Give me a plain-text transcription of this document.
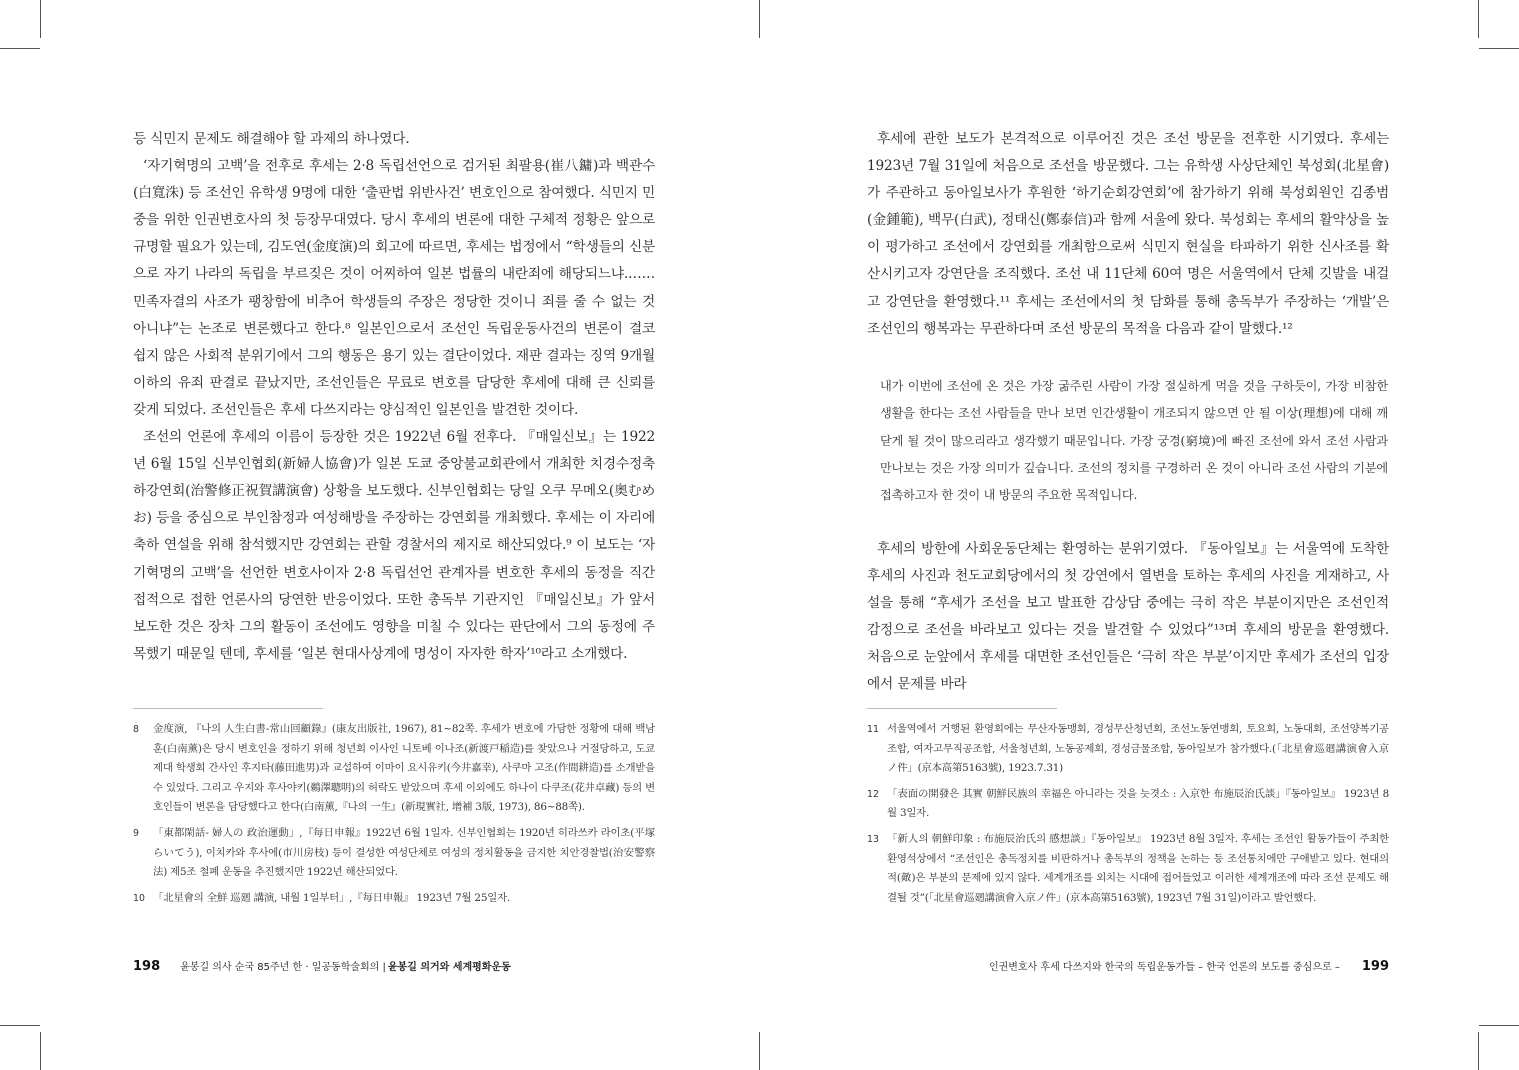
등 식민지 문제도 해결해야 할 과제의 하나였다.

‘자기혁명의 고백’을 전후로 후세는 2·8 독립선언으로 검거된 최팔용(崔八鏞)과 백관수(白寬洙) 등 조선인 유학생 9명에 대한 ‘출판법 위반사건’ 변호인으로 참여했다. 식민지 민중을 위한 인권변호사의 첫 등장무대였다. 당시 후세의 변론에 대한 구체적 정황은 앞으로 규명할 필요가 있는데, 김도연(金度演)의 회고에 따르면, 후세는 법정에서 “학생들의 신분으로 자기 나라의 독립을 부르짖은 것이 어찌하여 일본 법률의 내란죄에 해당되느냐.……민족자결의 사조가 팽창함에 비추어 학생들의 주장은 정당한 것이니 죄를 줄 수 없는 것 아니냐”는 논조로 변론했다고 한다.⁸ 일본인으로서 조선인 독립운동사건의 변론이 결코 쉽지 않은 사회적 분위기에서 그의 행동은 용기 있는 결단이었다. 재판 결과는 징역 9개월 이하의 유죄 판결로 끝났지만, 조선인들은 무료로 변호를 담당한 후세에 대해 큰 신뢰를 갖게 되었다. 조선인들은 후세 다쓰지라는 양심적인 일본인을 발견한 것이다.

조선의 언론에 후세의 이름이 등장한 것은 1922년 6월 전후다. 『매일신보』는 1922년 6월 15일 신부인협회(新婦人協會)가 일본 도쿄 중앙불교회관에서 개최한 치경수정축하강연회(治警修正祝賀講演會) 상황을 보도했다. 신부인협회는 당일 오쿠 무메오(奥むめお) 등을 중심으로 부인참정과 여성해방을 주장하는 강연회를 개최했다. 후세는 이 자리에 축하 연설을 위해 참석했지만 강연회는 관할 경찰서의 제지로 해산되었다.⁹ 이 보도는 ‘자기혁명의 고백’을 선언한 변호사이자 2·8 독립선언 관계자를 변호한 후세의 동정을 직간접적으로 접한 언론사의 당연한 반응이었다. 또한 총독부 기관지인 『매일신보』가 앞서 보도한 것은 장차 그의 활동이 조선에도 영향을 미칠 수 있다는 판단에서 그의 동정에 주목했기 때문일 텐데, 후세를 ‘일본 현대사상계에 명성이 자자한 학자’¹⁰라고 소개했다.

8	金度演, 『나의 人生白書-常山回顧錄』(康友出版社, 1967), 81~82쪽. 후세가 변호에 가담한 정황에 대해 백남훈(白南薰)은 당시 변호인을 정하기 위해 청년회 이사인 니토베 이나조(新渡戸稲造)를 찾았으나 거절당하고, 도쿄제대 학생회 간사인 후지타(藤田進男)과 교섭하여 이마이 요시유키(今井嘉幸), 사쿠마 고조(作間耕造)를 소개받을 수 있었다. 그리고 우지와 후사야키(鵜澤聰明)의 허락도 받았으며 후세 이외에도 하나이 다쿠조(花井卓藏) 등의 변호인들이 변론을 담당했다고 한다(白南薰,『나의 一生』(新現實社, 增補 3版, 1973), 86~88쪽).
9	「東都閑話- 婦人の 政治運動」,『每日申報』1922년 6월 1일자. 신부인협회는 1920년 히라쓰카 라이초(平塚らいてう), 이치카와 후사에(市川房枝) 등이 결성한 여성단체로 여성의 정치활동을 금지한 치안경찰법(治安警察法) 제5조 철폐 운동을 추진했지만 1922년 해산되었다.
10 「北星會의 全鮮 巡廻 講演, 내월 1일부터」,『每日申報』 1923년 7월 25일자.
198 윤봉길 의사 순국 85주년 한 · 일공동학술회의 | 윤봉길 의거와 세계평화운동

후세에 관한 보도가 본격적으로 이루어진 것은 조선 방문을 전후한 시기였다. 후세는 1923년 7월 31일에 처음으로 조선을 방문했다. 그는 유학생 사상단체인 북성회(北星會)가 주관하고 동아일보사가 후원한 ‘하기순회강연회’에 참가하기 위해 북성회원인 김종범(金鍾範), 백무(白武), 정태신(鄭泰信)과 함께 서울에 왔다. 북성회는 후세의 활약상을 높이 평가하고 조선에서 강연회를 개최함으로써 식민지 현실을 타파하기 위한 신사조를 확산시키고자 강연단을 조직했다. 조선 내 11단체 60여 명은 서울역에서 단체 깃발을 내걸고 강연단을 환영했다.¹¹ 후세는 조선에서의 첫 담화를 통해 총독부가 주장하는 ‘개발’은 조선인의 행복과는 무관하다며 조선 방문의 목적을 다음과 같이 말했다.¹²

내가 이번에 조선에 온 것은 가장 굶주린 사람이 가장 절실하게 먹을 것을 구하듯이, 가장 비참한 생활을 한다는 조선 사람들을 만나 보면 인간생활이 개조되지 않으면 안 될 이상(理想)에 대해 깨닫게 될 것이 많으리라고 생각했기 때문입니다. 가장 궁경(窮境)에 빠진 조선에 와서 조선 사람과 만나보는 것은 가장 의미가 깊습니다. 조선의 정치를 구경하러 온 것이 아니라 조선 사람의 기분에 접촉하고자 한 것이 내 방문의 주요한 목적입니다.

후세의 방한에 사회운동단체는 환영하는 분위기였다. 『동아일보』는 서울역에 도착한 후세의 사진과 천도교회당에서의 첫 강연에서 열변을 토하는 후세의 사진을 게재하고, 사설을 통해 “후세가 조선을 보고 발표한 감상담 중에는 극히 작은 부분이지만은 조선인적 감정으로 조선을 바라보고 있다는 것을 발견할 수 있었다”¹³며 후세의 방문을 환영했다. 처음으로 눈앞에서 후세를 대면한 조선인들은 ‘극히 작은 부분’이지만 후세가 조선의 입장에서 문제를 바라

11 서울역에서 거행된 환영회에는 무산자동맹회, 경성무산청년회, 조선노동연맹회, 토요회, 노동대회, 조선양복기공조합, 여자고무직공조합, 서울청년회, 노동공제회, 경성금물조합, 동아일보가 참가했다.(「北星會巡廻講演會入京ノ件」(京本高第5163號), 1923.7.31)
12 「表面の開發은 其實 朝鮮民族의 幸福은 아니라는 것을 늣겻소 : 入京한 布施辰治氏談」『동아일보』 1923년 8월 3일자.
13 「新人의 朝鮮印象 : 布施辰治氏의 感想談」『동아일보』 1923년 8월 3일자. 후세는 조선인 활동가들이 주최한 환영석상에서 “조선인은 총독정치를 비판하거나 총독부의 정책을 논하는 등 조선통치에만 구애받고 있다. 현대의 적(敵)은 부분의 문제에 있지 않다. 세계개조를 외치는 시대에 접어들었고 이러한 세계개조에 따라 조선 문제도 해결될 것”(「北星會巡廻講演會入京ノ件」(京本高第5163號), 1923년 7월 31일)이라고 발언했다.
인권변호사 후세 다쓰지와 한국의 독립운동가들 – 한국 언론의 보도를 중심으로 – 199
